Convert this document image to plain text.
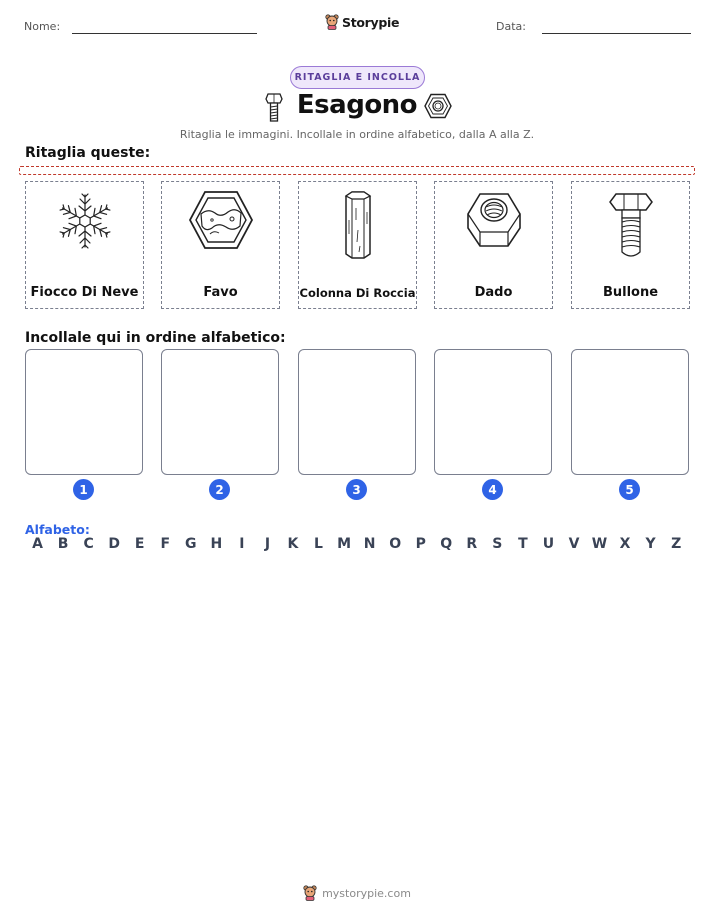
Nome:	Data:
Storypie
RITAGLIA E INCOLLA
Esagono
Ritaglia le immagini. Incollale in ordine alfabetico, dalla A alla Z.
Ritaglia queste:
Fiocco Di Neve	Favo	Colonna Di Roccia	Dado	Bullone
Incollale qui in ordine alfabetico:
1	2	3	4	5
Alfabeto:
A	B	C	D	E	F	G H	I	J	K	L	M N O	P	Q	R	S	T	U	V W X	Y	Z
mystorypie.com
